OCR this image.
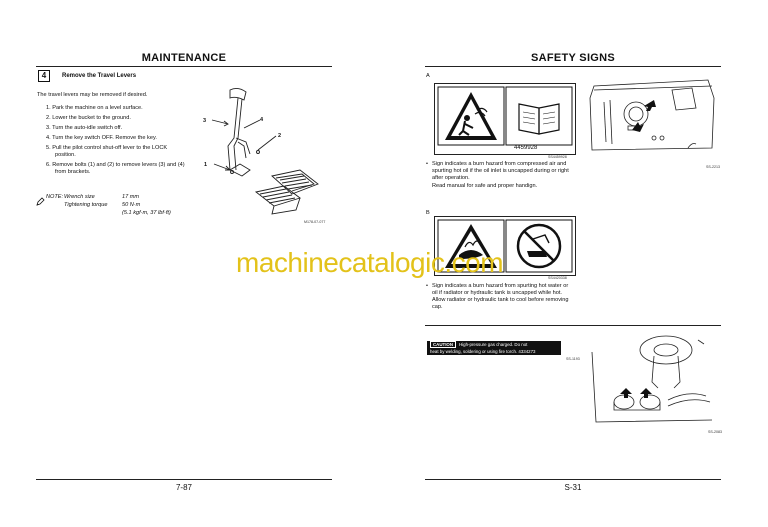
MAINTENANCE
4	Remove the Travel Levers
The travel levers may be removed if desired.
1. Park the machine on a level surface.
2. Lower the bucket to the ground.
3. Turn the auto-idle switch off.
4. Turn the key switch OFF. Remove the key.
5. Pull the pilot control shut-off lever to the LOCK
position.
6. Remove bolts (1) and (2) to remove levers (3) and (4)
from brackets.
NOTE: Wrench size	17 mm
Tightening torque	50 N·m
(5.1 kgf·m, 37 lbf·ft)
3	4
2
1
M178-07-077
7-87
SAFETY SIGNS
A
4459928
SS4459928
• Sign indicates a burn hazard from compressed air and
spurting hot oil if the oil inlet is uncapped during or right
after operation.
Read manual for safe and proper handign.
SS-2213
B
SS4420338
• Sign indicates a burn hazard from spurting hot water or
oil if radiator or hydraulic tank is uncapped while hot.
Allow radiator or hydraulic tank to cool before removing
cap.
CAUTION High-pressure gas charged. Do not
heat by welding, soldering or using fire torch. 4334273
SS-1193
SS-2083
S-31
machinecatalogic.com
